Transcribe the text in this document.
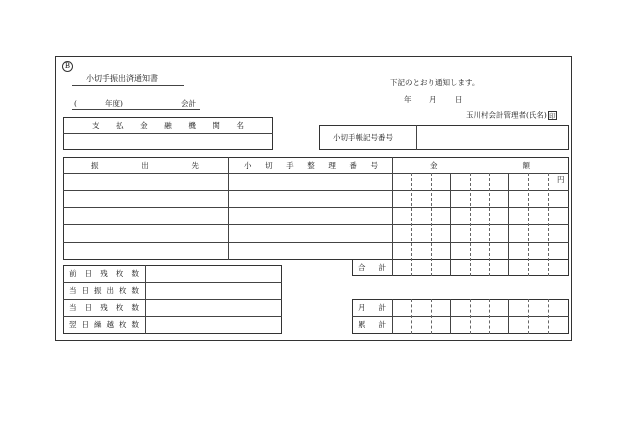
B
小切手振出済通知書	下記のとおり通知します。
年 月 日
(	年度)	会計
玉川村会計管理者(氏名) 印
支 払 金 融 機 関 名
小切手帳記号番号
振	出	先	小 切 手 整 理 番 号	金	額
円
合 計
前 日 残 枚 数
当 日 振 出 枚 数
当 日 残 枚 数
翌 日 繰 越 枚 数
月 計
累 計
